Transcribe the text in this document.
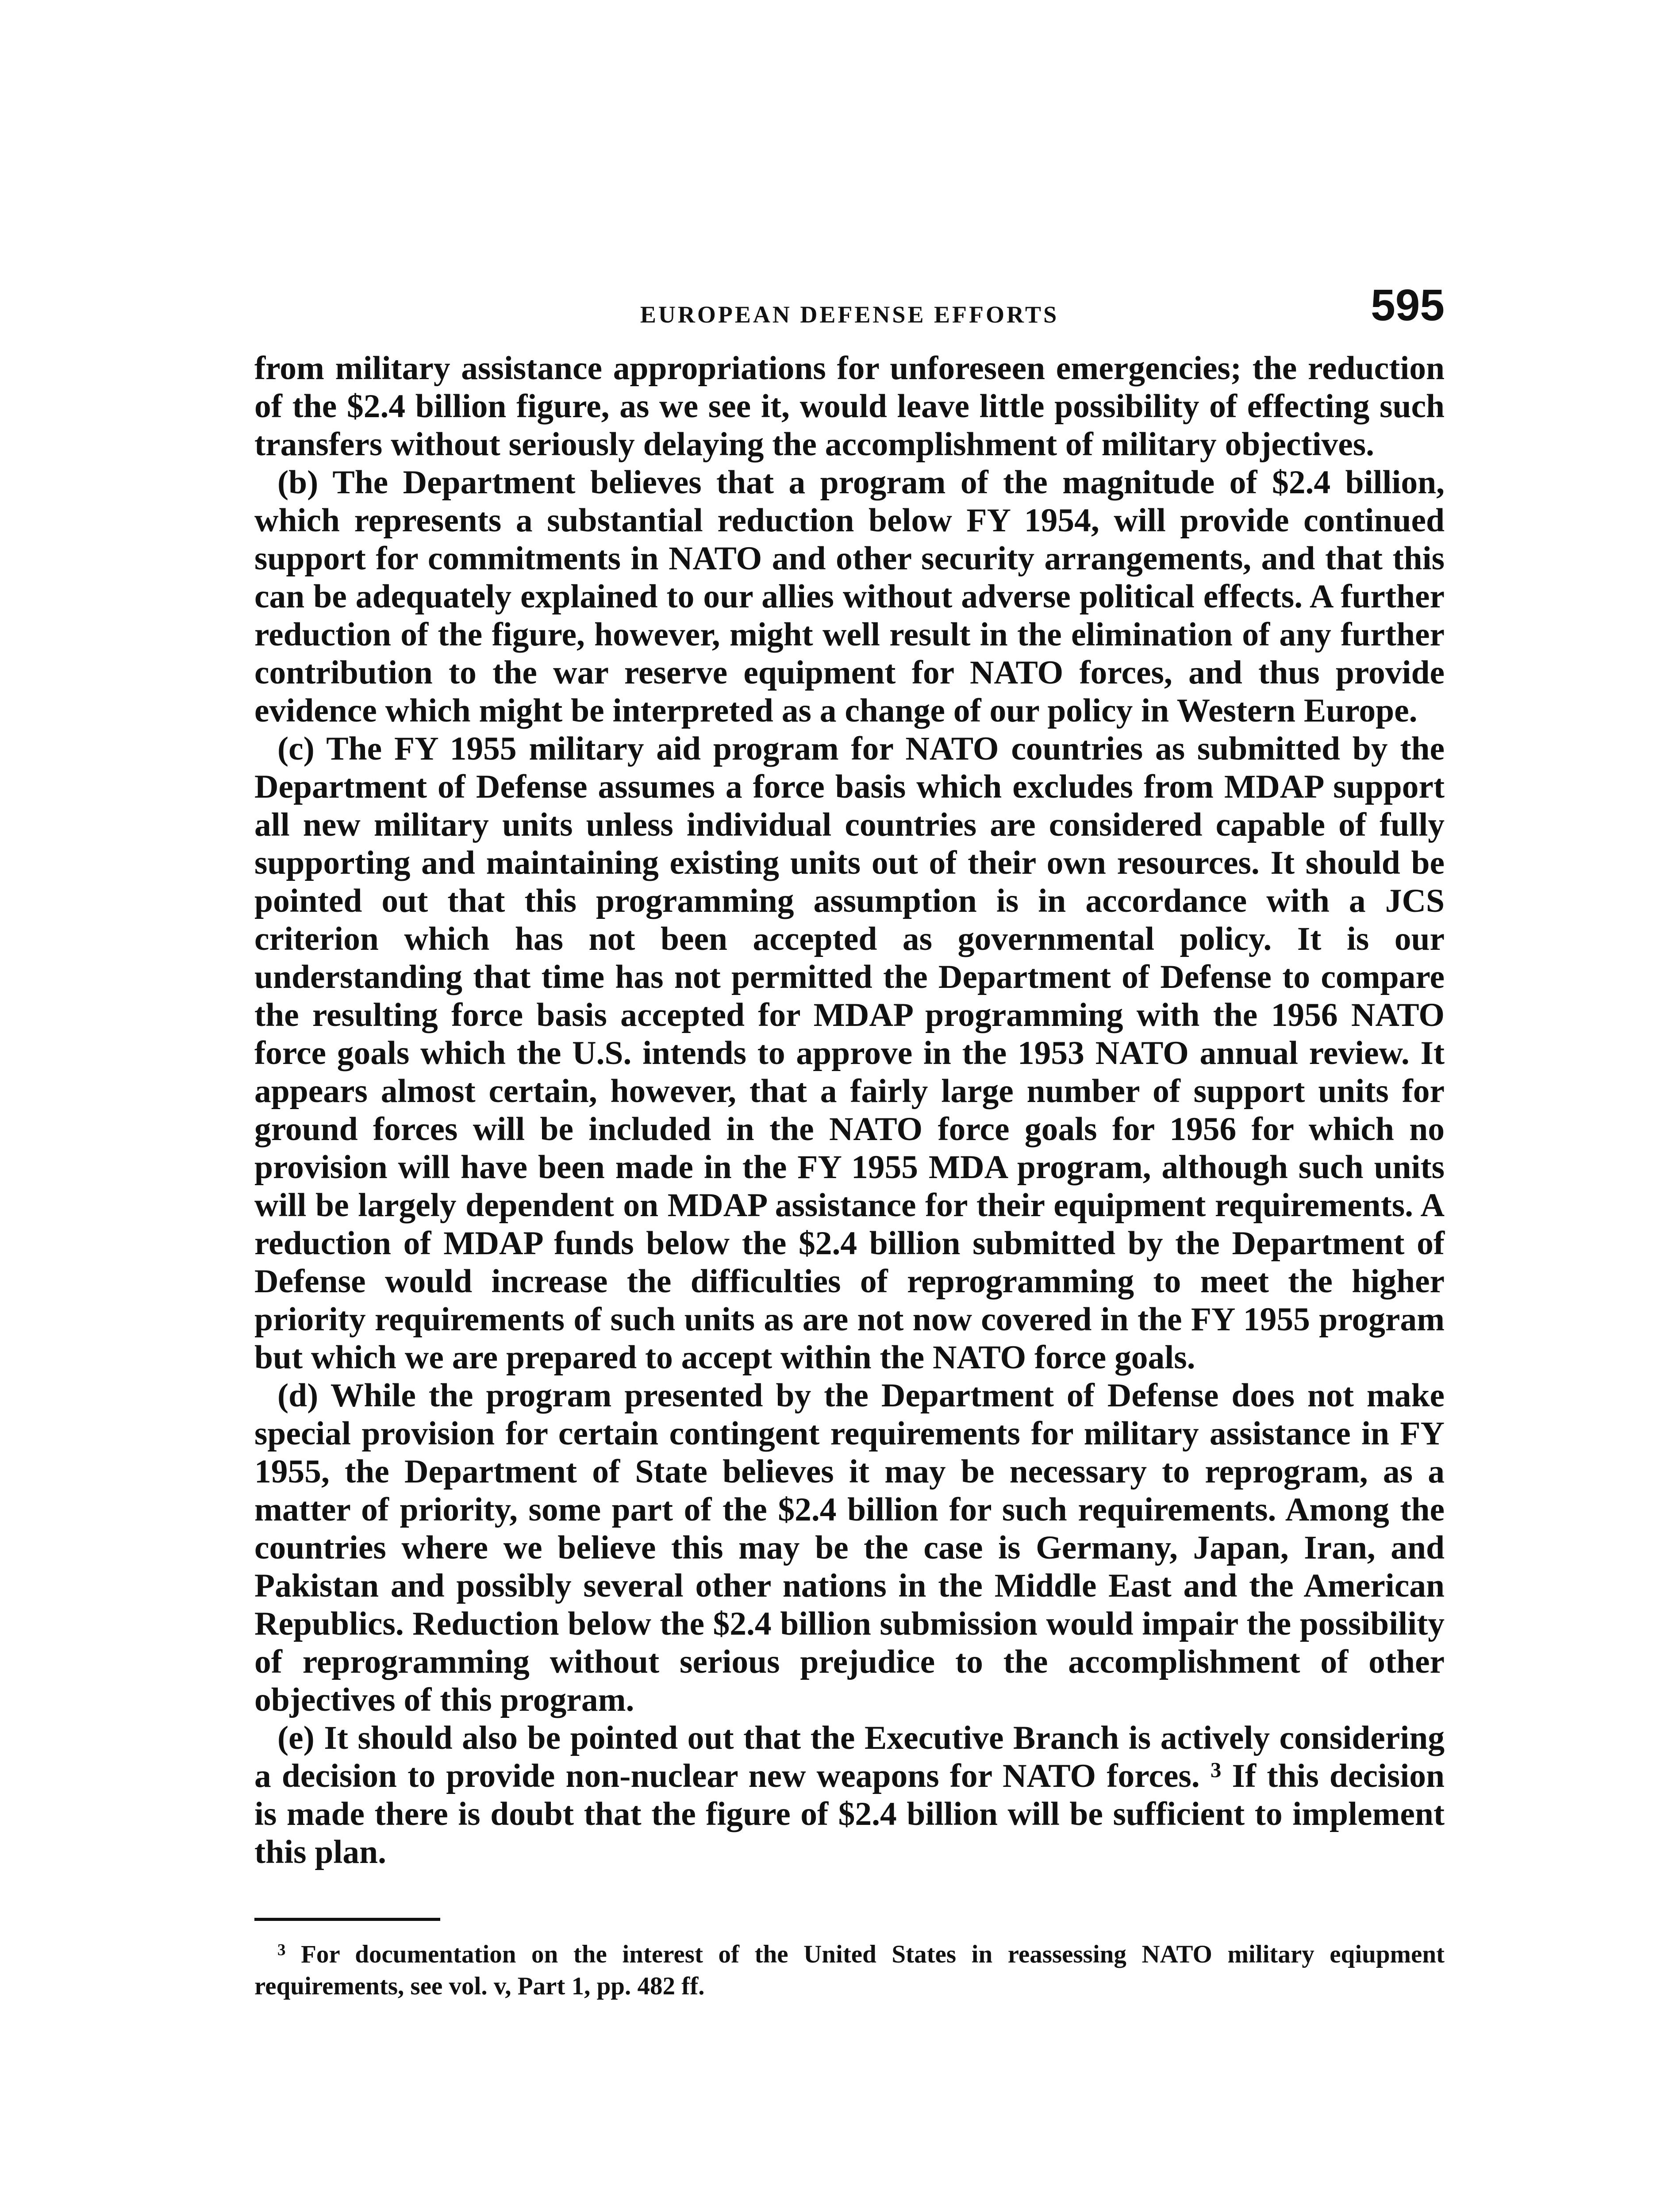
EUROPEAN DEFENSE EFFORTS	595

from military assistance appropriations for unforeseen emergencies; the reduction of the $2.4 billion figure, as we see it, would leave little possibility of effecting such transfers without seriously delaying the accomplishment of military objectives.

(b) The Department believes that a program of the magnitude of $2.4 billion, which represents a substantial reduction below FY 1954, will provide continued support for commitments in NATO and other security arrangements, and that this can be adequately explained to our allies without adverse political effects. A further reduction of the figure, however, might well result in the elimination of any further contribution to the war reserve equipment for NATO forces, and thus provide evidence which might be interpreted as a change of our policy in Western Europe.

(c) The FY 1955 military aid program for NATO countries as submitted by the Department of Defense assumes a force basis which excludes from MDAP support all new military units unless individual countries are considered capable of fully supporting and maintaining existing units out of their own resources. It should be pointed out that this programming assumption is in accordance with a JCS criterion which has not been accepted as governmental policy. It is our understanding that time has not permitted the Department of Defense to compare the resulting force basis accepted for MDAP programming with the 1956 NATO force goals which the U.S. intends to approve in the 1953 NATO annual review. It appears almost certain, however, that a fairly large number of support units for ground forces will be included in the NATO force goals for 1956 for which no provision will have been made in the FY 1955 MDA program, although such units will be largely dependent on MDAP assistance for their equipment requirements. A reduction of MDAP funds below the $2.4 billion submitted by the Department of Defense would increase the difficulties of reprogramming to meet the higher priority requirements of such units as are not now covered in the FY 1955 program but which we are prepared to accept within the NATO force goals.

(d) While the program presented by the Department of Defense does not make special provision for certain contingent requirements for military assistance in FY 1955, the Department of State believes it may be necessary to reprogram, as a matter of priority, some part of the $2.4 billion for such requirements. Among the countries where we believe this may be the case is Germany, Japan, Iran, and Pakistan and possibly several other nations in the Middle East and the American Republics. Reduction below the $2.4 billion submission would impair the possibility of reprogramming without serious prejudice to the accomplishment of other objectives of this program.

(e) It should also be pointed out that the Executive Branch is actively considering a decision to provide non-nuclear new weapons for NATO forces. $^3$ If this decision is made there is doubt that the figure of $2.4 billion will be sufficient to implement this plan.

$^3$ For documentation on the interest of the United States in reassessing NATO military eqiupment requirements, see vol. v, Part 1, pp. 482 ff.
